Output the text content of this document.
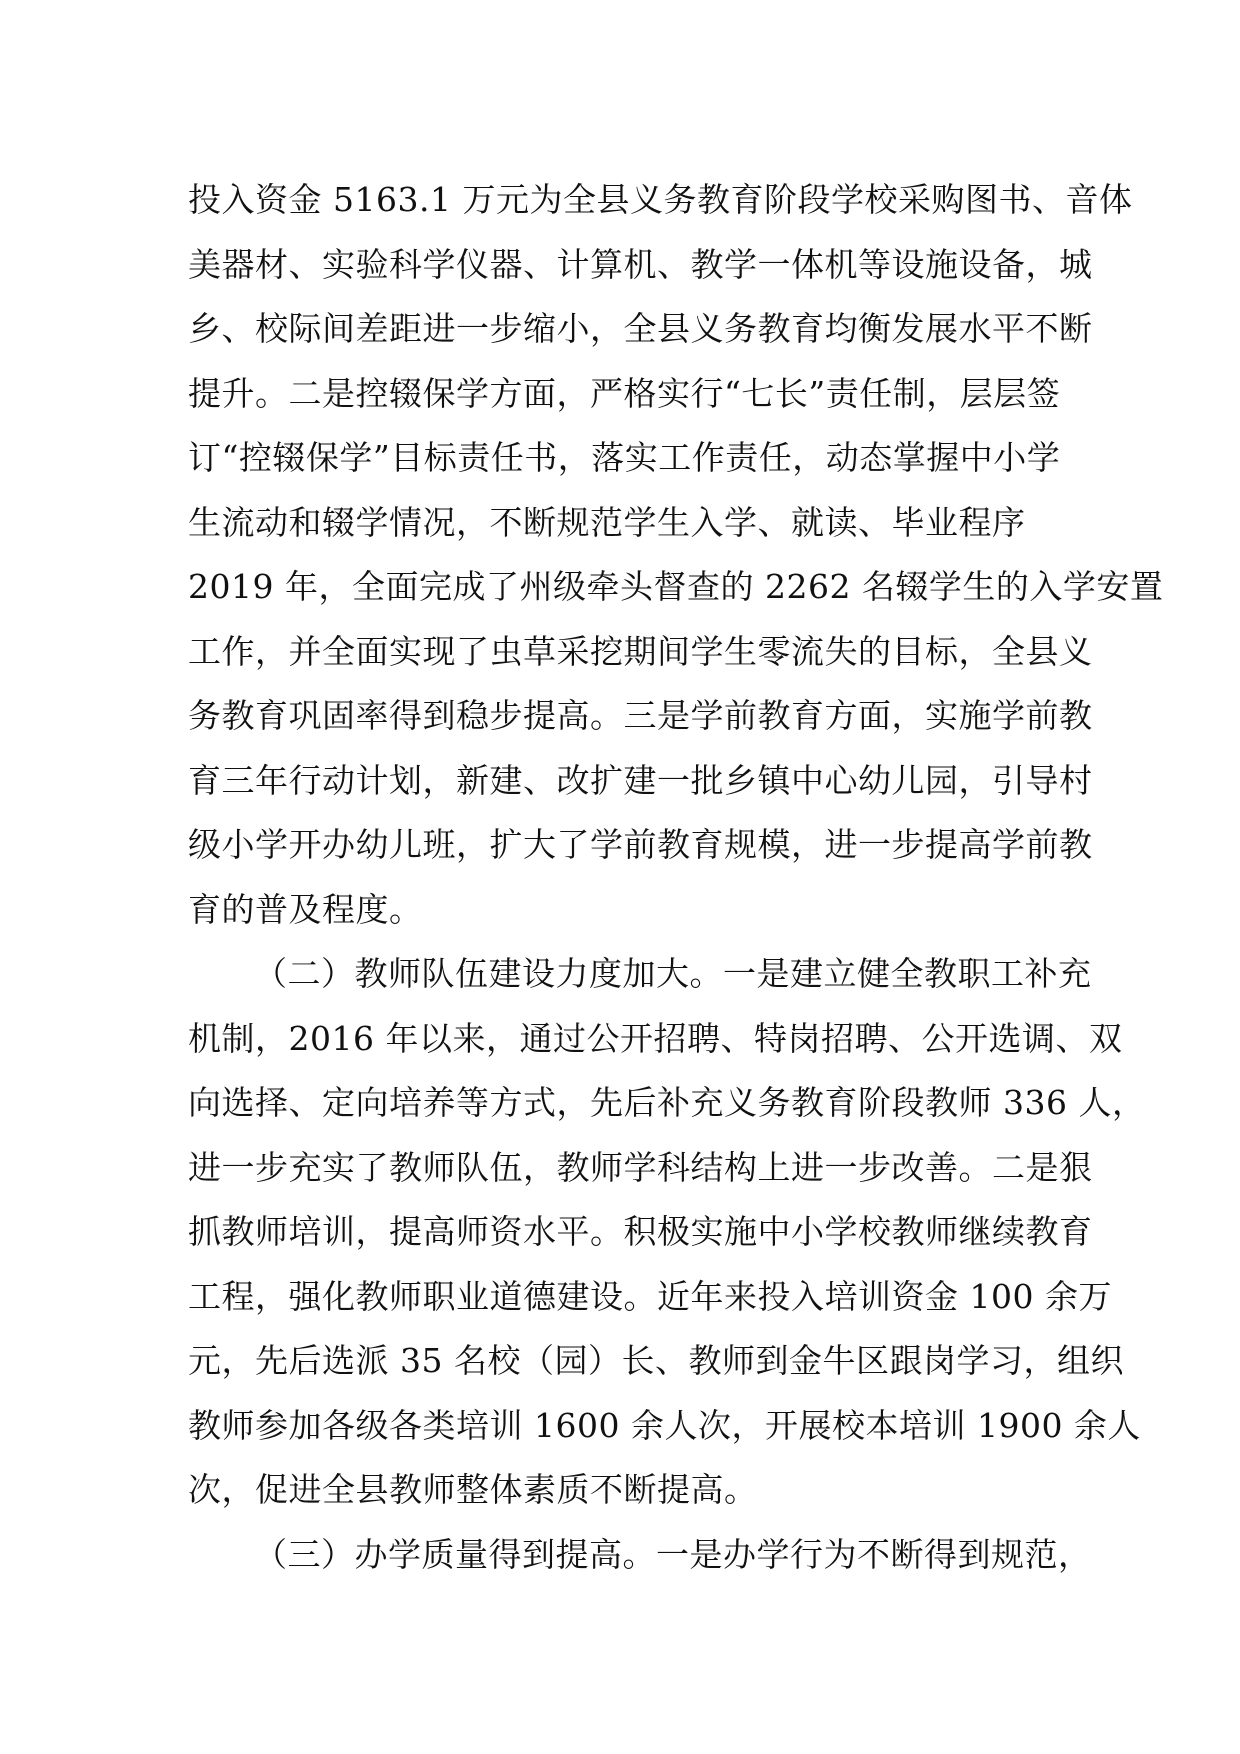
投入资金 5163.1 万元为全县义务教育阶段学校采购图书、音体
美器材、实验科学仪器、计算机、教学一体机等设施设备，城
乡、校际间差距进一步缩小，全县义务教育均衡发展水平不断
提升。二是控辍保学方面，严格实行“七长”责任制，层层签
订“控辍保学”目标责任书，落实工作责任，动态掌握中小学
生流动和辍学情况，不断规范学生入学、就读、毕业程序
2019 年，全面完成了州级牵头督查的 2262 名辍学生的入学安置
工作，并全面实现了虫草采挖期间学生零流失的目标，全县义
务教育巩固率得到稳步提高。三是学前教育方面，实施学前教
育三年行动计划，新建、改扩建一批乡镇中心幼儿园，引导村
级小学开办幼儿班，扩大了学前教育规模，进一步提高学前教
育的普及程度。
（二）教师队伍建设力度加大。一是建立健全教职工补充
机制，2016 年以来，通过公开招聘、特岗招聘、公开选调、双
向选择、定向培养等方式，先后补充义务教育阶段教师 336 人，
进一步充实了教师队伍，教师学科结构上进一步改善。二是狠
抓教师培训，提高师资水平。积极实施中小学校教师继续教育
工程，强化教师职业道德建设。近年来投入培训资金 100 余万
元，先后选派 35 名校（园）长、教师到金牛区跟岗学习，组织
教师参加各级各类培训 1600 余人次，开展校本培训 1900 余人
次，促进全县教师整体素质不断提高。
（三）办学质量得到提高。一是办学行为不断得到规范，
